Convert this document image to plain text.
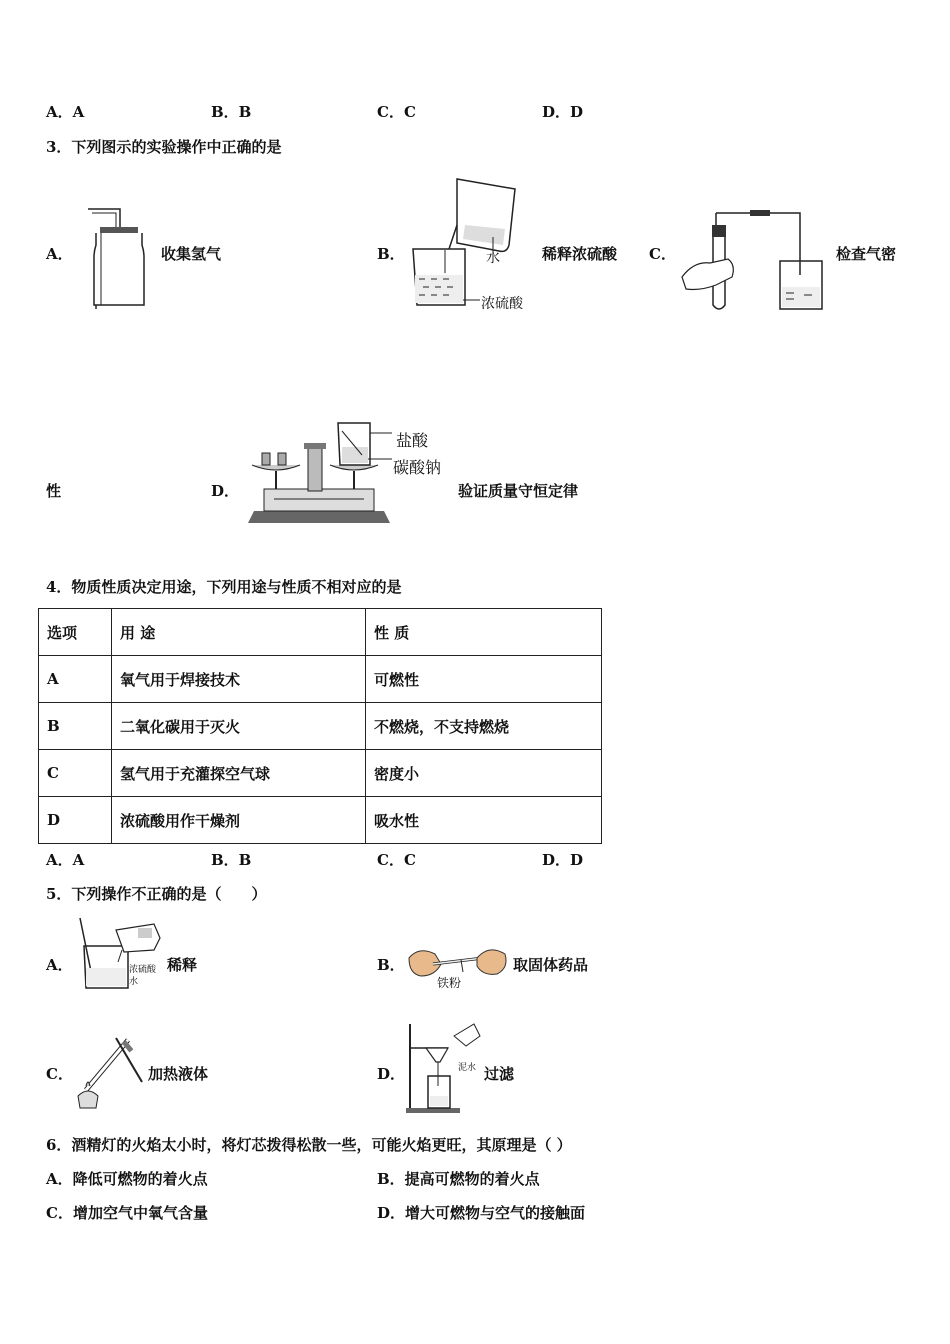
A．A	B．B	C．C	D．D
3．下列图示的实验操作中正确的是
A．	收集氢气	B．	水
浓硫酸
稀释浓硫酸 C．	检查气密
性	D．
盐酸
碳酸钠
验证质量守恒定律
4．物质性质决定用途，下列用途与性质不相对应的是
选项	用 途	性 质
A	氧气用于焊接技术	可燃性
B	二氧化碳用于灭火	不燃烧，不支持燃烧
C	氢气用于充灌探空气球	密度小
D	浓硫酸用作干燥剂	吸水性
A．A	B．B	C．C	D．D
5．下列操作不正确的是（　　）
A．	浓硫酸
水
稀释	B．
铁粉
取固体药品
C．	加热液体	D．	泥水 过滤
6．酒精灯的火焰太小时，将灯芯拨得松散一些，可能火焰更旺，其原理是（ ）
A．降低可燃物的着火点	B．提高可燃物的着火点
C．增加空气中氧气含量	D．增大可燃物与空气的接触面
